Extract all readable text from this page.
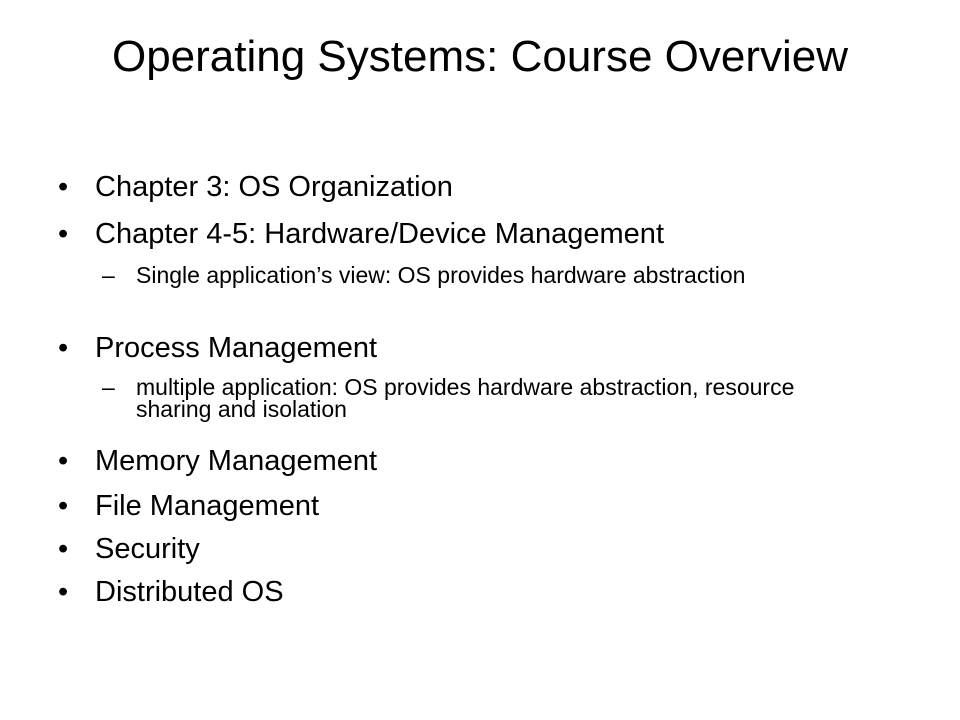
Operating Systems: Course Overview
• Chapter 3: OS Organization
• Chapter 4-5: Hardware/Device Management
– Single application’s view: OS provides hardware abstraction
• Process Management
– multiple application: OS provides hardware abstraction, resource sharing and isolation
• Memory Management
• File Management
• Security
• Distributed OS
